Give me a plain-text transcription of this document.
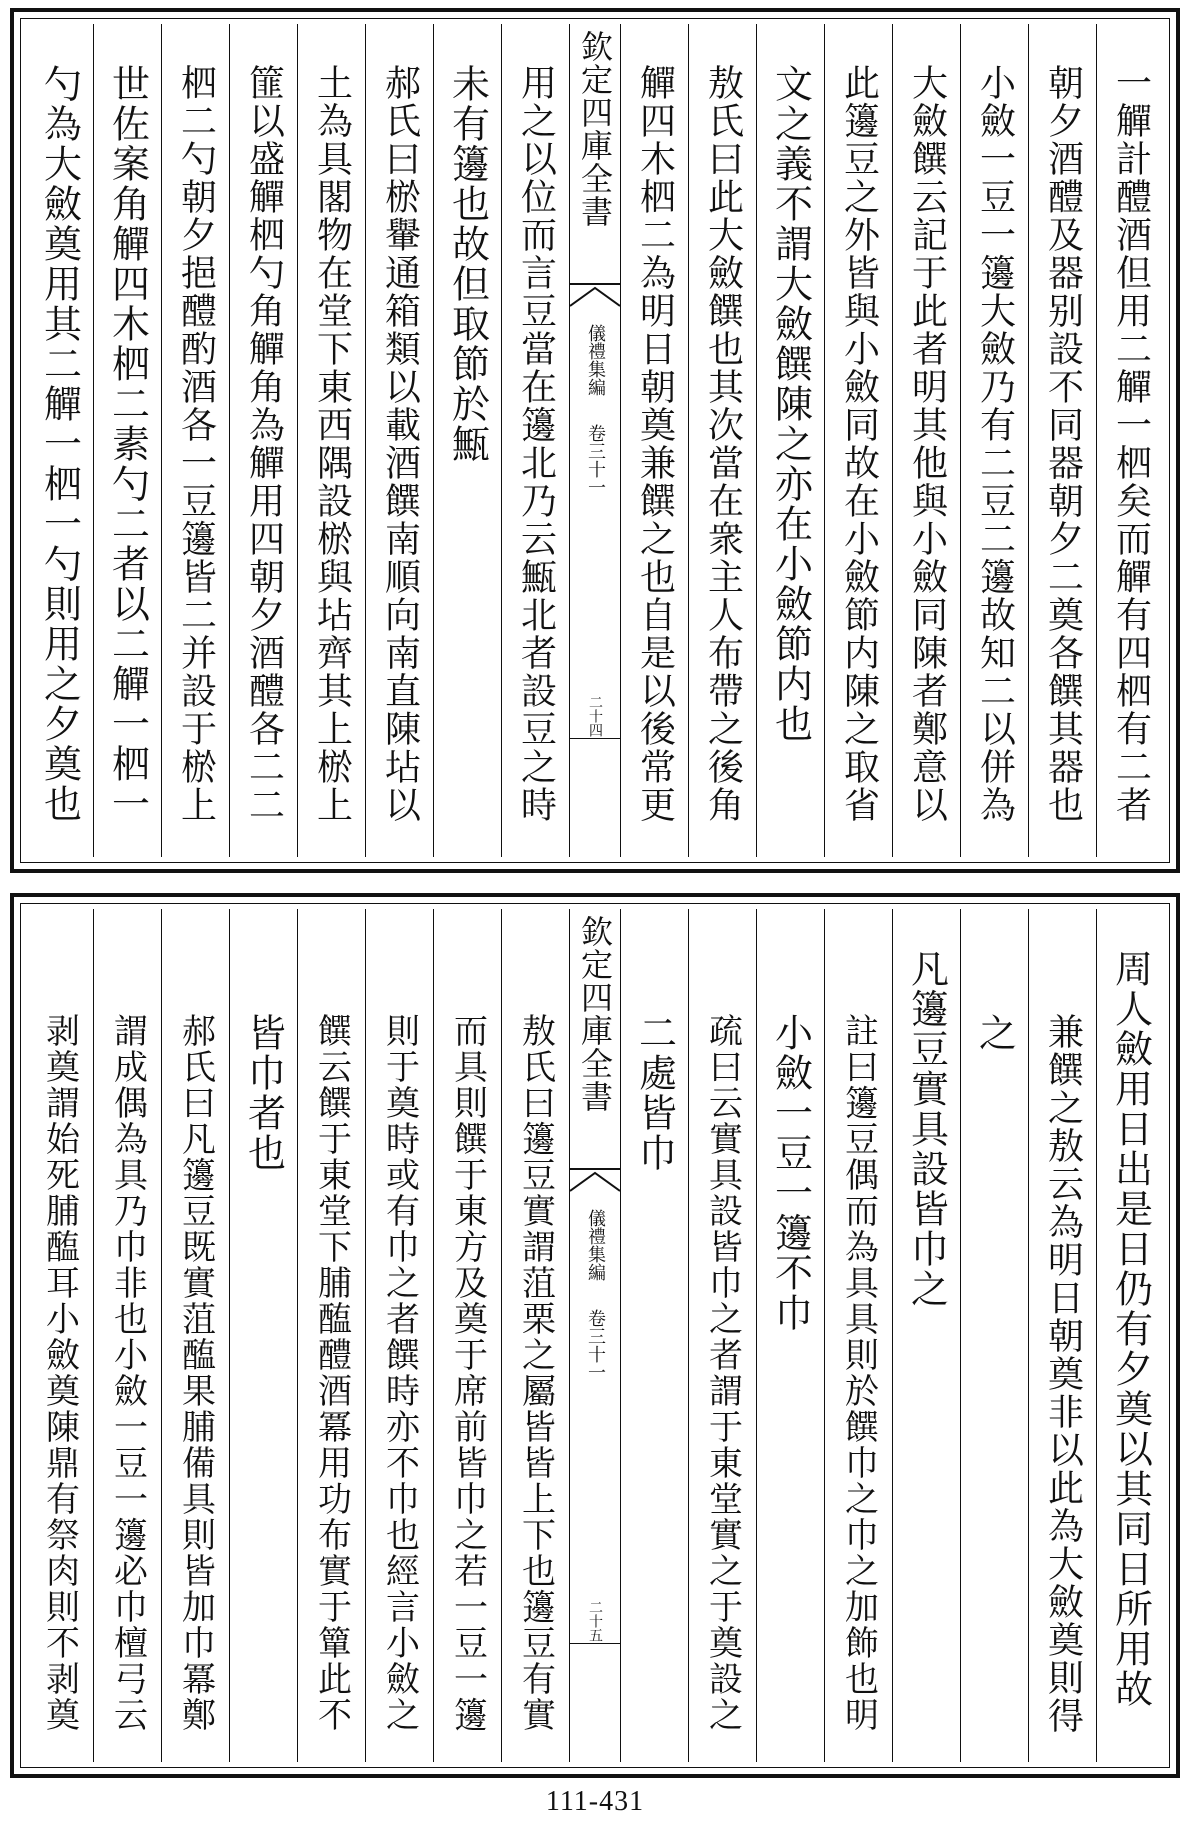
一觶計醴酒但用二觶一柶矣而觶有四柶有二者
朝夕酒醴及器别設不同器朝夕二奠各饌其器也
小斂一豆一籩大斂乃有二豆二籩故知二以併為
大斂饌云記于此者明其他與小斂同陳者鄭意以
此籩豆之外皆與小斂同故在小斂節内陳之取省
文之義不謂大斂饌陳之亦在小斂節内也
敖氏曰此大斂饌也其次當在衆主人布帶之後角
觶四木柶二為明日朝奠兼饌之也自是以後常更
欽定四庫全書
儀禮集編
卷三十一
二十四
用之以位而言豆當在籩北乃云甒北者設豆之時
未有籩也故但取節於甒
郝氏曰棜轝通箱類以載酒饌南順向南直陳坫以
土為具閣物在堂下東西隅設棜與坫齊其上棜上
篚以盛觶柶勺角觶角為觶用四朝夕酒醴各二二
柶二勺朝夕挹醴酌酒各一豆籩皆二并設于棜上
世佐案角觶四木柶二素勺二者以二觶一柶一
勺為大斂奠用其二觶一柶一勺則用之夕奠也
周人斂用日出是日仍有夕奠以其同日所用故
兼饌之敖云為明日朝奠非以此為大斂奠則得
之
凡籩豆實具設皆巾之
註曰籩豆偶而為具具則於饌巾之巾之加飾也明
小斂一豆一籩不巾
疏曰云實具設皆巾之者謂于東堂實之于奠設之
二處皆巾
欽定四庫全書
儀禮集編
卷三十一
二十五
敖氏曰籩豆實謂菹栗之屬皆皆上下也籩豆有實
而具則饌于東方及奠于席前皆巾之若一豆一籩
則于奠時或有巾之者饌時亦不巾也經言小斂之
饌云饌于東堂下脯醢醴酒冪用功布實于簞此不
皆巾者也
郝氏曰凡籩豆既實菹醢果脯備具則皆加巾冪鄭
謂成偶為具乃巾非也小斂一豆一籩必巾檀弓云
剥奠謂始死脯醢耳小斂奠陳鼎有祭肉則不剥奠
111-431
